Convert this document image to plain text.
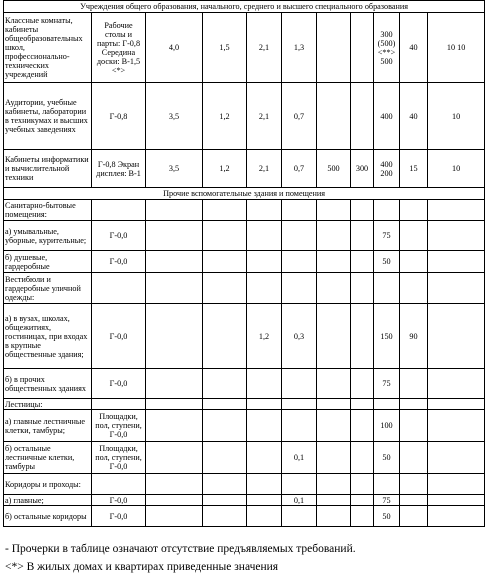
Учреждения общего образования, начального, среднего и высшего специального образования										
Классные комнаты, кабинеты общеобразовательных школ, профессионально-технических учреждений	Рабочие столы и парты: Г-0,8 Середина доски: В-1,5 <*>	4,0	1,5	2,1	1,3			300 (500) <**> 500	40	10 10
Аудитории, учебные кабинеты, лаборатории в техникумах и высших учебных заведениях	Г-0,8	3,5	1,2	2,1	0,7			400	40	10
Кабинеты информатики и вычислительной техники	Г-0,8 Экран дисплея: В-1	3,5	1,2	2,1	0,7	500	300	400 200	15	10
Прочие вспомогательные здания и помещения										
Санитарно-бытовые помещения:										
а) умывальные, уборные, курительные;	Г-0,0							75		
б) душевые, гардеробные	Г-0,0							50		
Вестибюли и гардеробные уличной одежды:										
а) в вузах, школах, общежитиях, гостиницах, при входах в крупные общественные здания;	Г-0,0			1,2	0,3			150	90	
б) в прочих общественных зданиях	Г-0,0							75		
Лестницы:										
а) главные лестничные клетки, тамбуры;	Площадки, пол, ступени, Г-0,0							100		
б) остальные лестничные клетки, тамбуры	Площадки, пол, ступени, Г-0,0				0,1			50		
Коридоры и проходы:										
а) главные;	Г-0,0				0,1			75		
б) остальные коридоры	Г-0,0							50		
- Прочерки в таблице означают отсутствие предъявляемых требований.
<*> В жилых домах и квартирах приведенные значения
